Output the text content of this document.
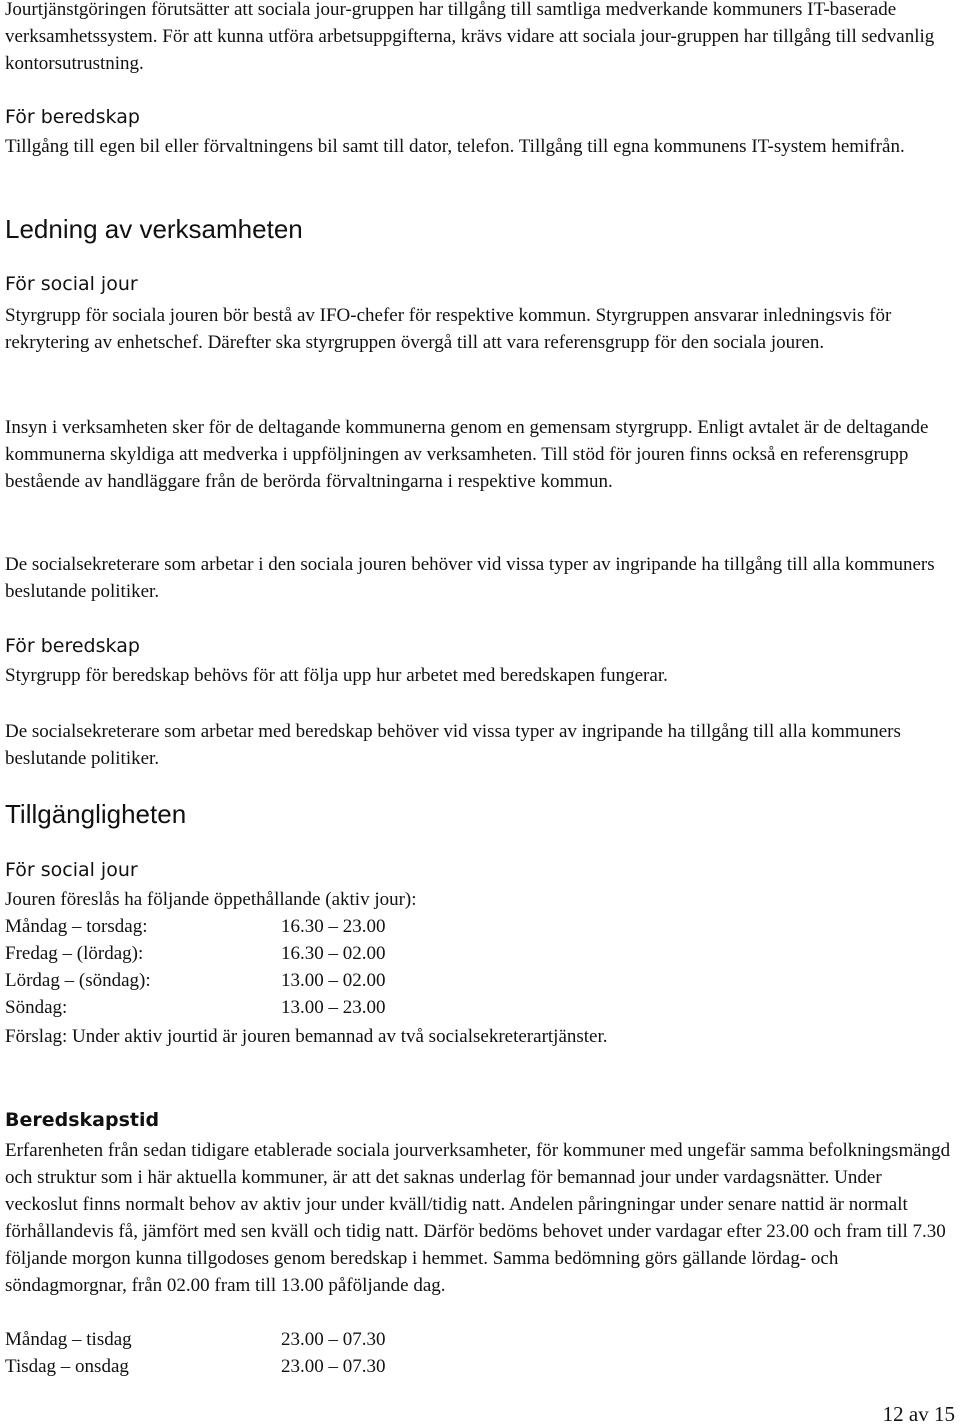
Jourtjänstgöringen förutsätter att sociala jour-gruppen har tillgång till samtliga medverkande kommuners IT-baserade verksamhetssystem. För att kunna utföra arbetsuppgifterna, krävs vidare att sociala jour-gruppen har tillgång till sedvanlig kontorsutrustning.

För beredskap

Tillgång till egen bil eller förvaltningens bil samt till dator, telefon. Tillgång till egna kommunens IT-system hemifrån.

Ledning av verksamheten
För social jour

Styrgrupp för sociala jouren bör bestå av IFO-chefer för respektive kommun. Styrgruppen ansvarar inledningsvis för rekrytering av enhetschef. Därefter ska styrgruppen övergå till att vara referensgrupp för den sociala jouren.

Insyn i verksamheten sker för de deltagande kommunerna genom en gemensam styrgrupp. Enligt avtalet är de deltagande kommunerna skyldiga att medverka i uppföljningen av verksamheten. Till stöd för jouren finns också en referensgrupp bestående av handläggare från de berörda förvaltningarna i respektive kommun.

De socialsekreterare som arbetar i den sociala jouren behöver vid vissa typer av ingripande ha tillgång till alla kommuners beslutande politiker.

För beredskap

Styrgrupp för beredskap behövs för att följa upp hur arbetet med beredskapen fungerar.

De socialsekreterare som arbetar med beredskap behöver vid vissa typer av ingripande ha tillgång till alla kommuners beslutande politiker.

Tillgängligheten
För social jour

Jouren föreslås ha följande öppethållande (aktiv jour):

Måndag – torsdag:	16.30 – 23.00
Fredag – (lördag):	16.30 – 02.00
Lördag – (söndag):	13.00 – 02.00
Söndag:	13.00 – 23.00

Förslag: Under aktiv jourtid är jouren bemannad av två socialsekreterartjänster.

Beredskapstid

Erfarenheten från sedan tidigare etablerade sociala jourverksamheter, för kommuner med ungefär samma befolkningsmängd och struktur som i här aktuella kommuner, är att det saknas underlag för bemannad jour under vardagsnätter. Under veckoslut finns normalt behov av aktiv jour under kväll/tidig natt. Andelen påringningar under senare nattid är normalt förhållandevis få, jämfört med sen kväll och tidig natt. Därför bedöms behovet under vardagar efter 23.00 och fram till 7.30 följande morgon kunna tillgodoses genom beredskap i hemmet. Samma bedömning görs gällande lördag- och söndagmorgnar, från 02.00 fram till 13.00 påföljande dag.

Måndag – tisdag	23.00 – 07.30
Tisdag – onsdag	23.00 – 07.30
12 av 15
